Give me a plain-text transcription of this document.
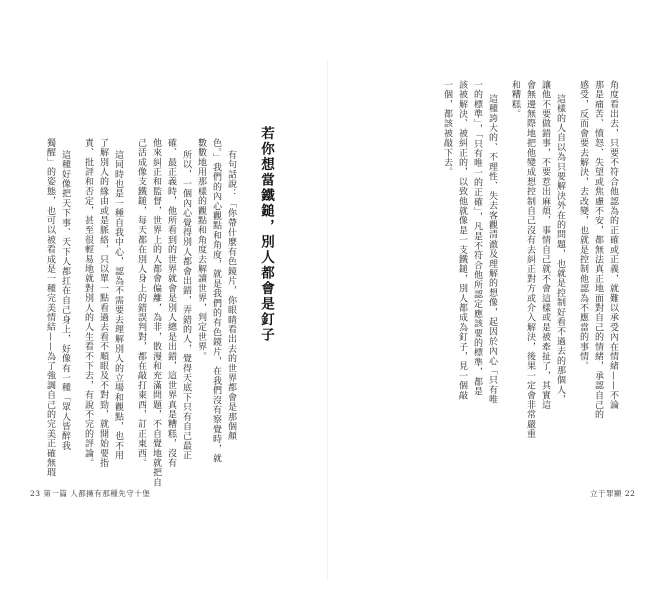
角度看出去，只要不符合他認為的正確或正義，就難以承受內在情緒——不論
那是痛苦、憤怒、失望或焦慮不安，都無法真正地面對自己的情緒，承認自己的
感受，反而會要去解決，去改變，也就是控制他認為不應當的事情。
這樣的人自以為只要解決外在的問題，也就是控制好看不過去的那個人，
讓他不要做錯事，不要惹出麻煩，事情自己就不會這樣或是被牽扯了，其實這
會無邊無際地把他變成想控制自己沒有去糾正對方或介入解決，後果一定會非常嚴重
和糟糕。
這種誇大的、不理性、失去客觀清澈及理解的想像，起因於內心「只有唯
一的標準」，「只有唯一的正確」，凡是不符合他所認定應該要的標準，都是
該被解決、被糾正的，以致他就像是一支鐵鎚，別人都成為釘子，見一個敲
一個，都該被敲下去。
立于罪顯 22
若你想當鐵鎚，別人都會是釘子
有句話說：「你帶什麼有色鏡片，你眼睛看出去的世界都會是那個顏
色。」我們的內心觀點和角度，就是我們的有色鏡片，在我們沒有察覺時，就
數數地用那樣的觀點和角度去解讀世界，判定世界。
所以，一個內心覺得別人都會出錯，弄錯的人，覺得天底下只有自己最正
確、最正義時，他所看到的世界就會是別人總是出錯，這世界真是糟糕，沒有
他來糾正和監督，世界上的人都會偏離，為非，散漫和充滿問題，不自覺地就把自
己活成像支鐵鎚，每天都在別人身上的錯誤判對，都在敲打東西，訂正東西。
這同時也是一種自我中心，認為不需要去理解別人的立場和觀點，也不用
了解別人的緣由或是脈絡，只以單一點看過去看不順眼及不對勁，就開始要指
責、批評和否定，甚至很輕易地就對別人的人生看不下去，有說不完的評論。
這種好像把天下事、天下人都扛在自己身上，好像有一種「眾人皆醉我
獨醒」的姿態，也可以被看成是一種完美情結——為了強調自己的完美正確無瑕
23 第一篇 人都擁有那種先守十堡
